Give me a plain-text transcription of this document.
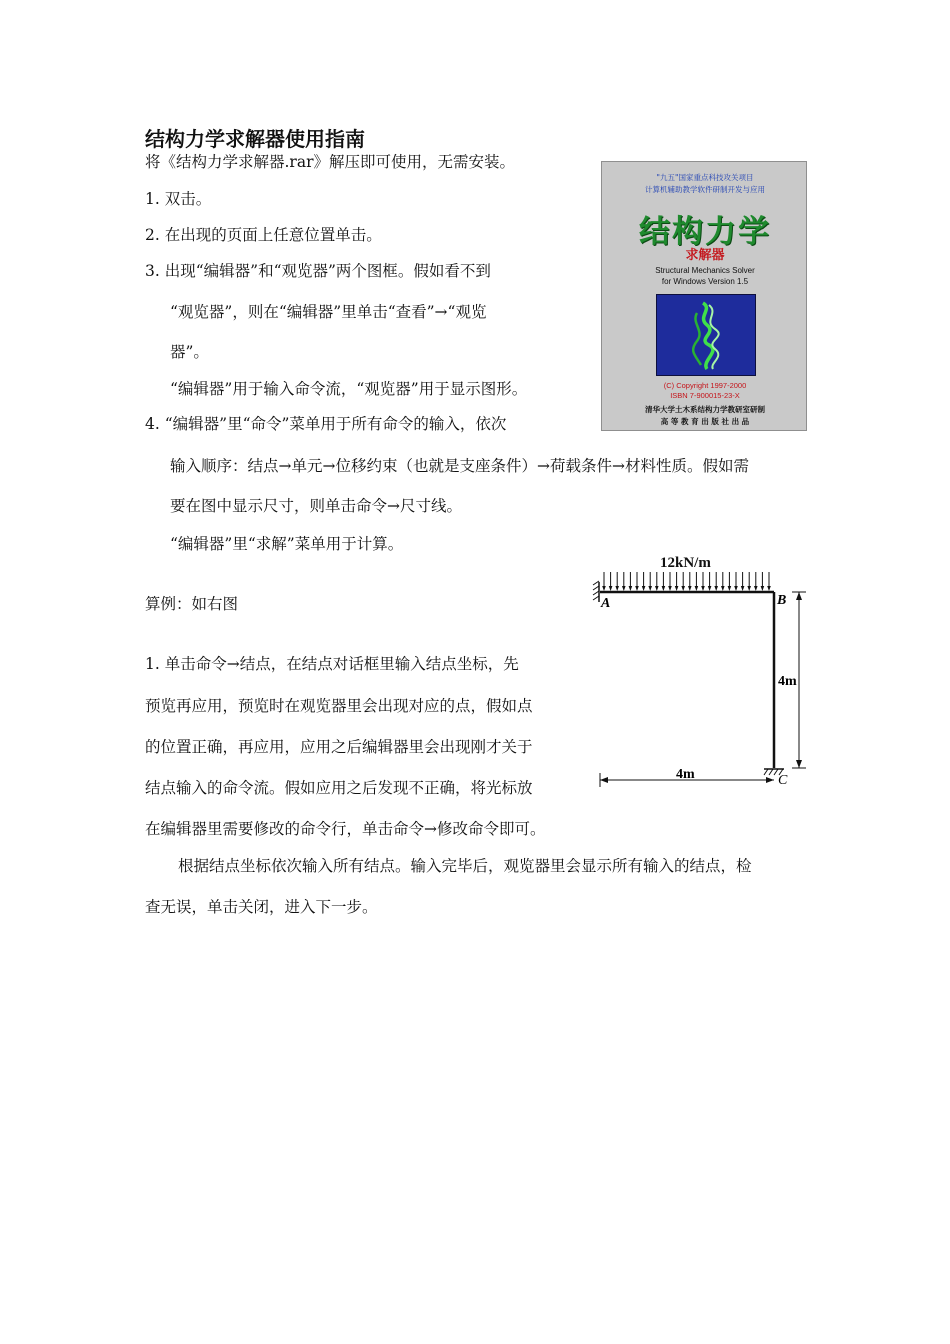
结构力学求解器使用指南
将《结构力学求解器.rar》解压即可使用，无需安装。
1. 双击。
2. 在出现的页面上任意位置单击。
3. 出现“编辑器”和“观览器”两个图框。假如看不到
“观览器”，则在“编辑器”里单击“查看”→“观览
器”。
“编辑器”用于输入命令流，“观览器”用于显示图形。
4. “编辑器”里“命令”菜单用于所有命令的输入，依次
输入顺序：结点→单元→位移约束（也就是支座条件）→荷载条件→材料性质。假如需
要在图中显示尺寸，则单击命令→尺寸线。
“编辑器”里“求解”菜单用于计算。
算例：如右图
1. 单击命令→结点，在结点对话框里输入结点坐标，先
预览再应用，预览时在观览器里会出现对应的点，假如点
的位置正确，再应用，应用之后编辑器里会出现刚才关于
结点输入的命令流。假如应用之后发现不正确，将光标放
在编辑器里需要修改的命令行，单击命令→修改命令即可。
根据结点坐标依次输入所有结点。输入完毕后，观览器里会显示所有输入的结点，检
查无误，单击关闭，进入下一步。
"九五"国家重点科技攻关项目
计算机辅助教学软件研制开发与应用
结构力学
求解器
Structural Mechanics Solver
for Windows Version 1.5
(C) Copyright 1997-2000
ISBN 7-900015-23-X
清华大学土木系结构力学教研室研制
高 等 教 育 出 版 社 出 品
12kN/m
A	B
C
4m
4m
